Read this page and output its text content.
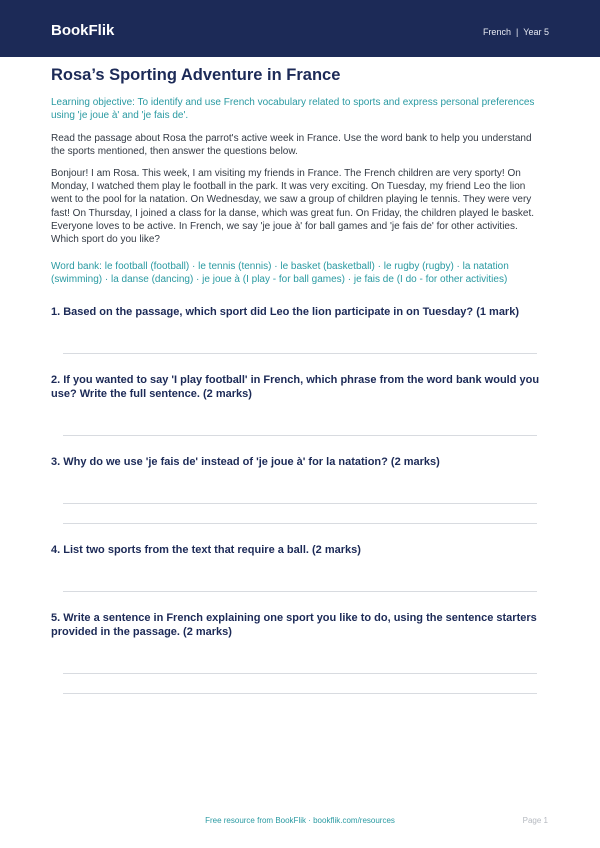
BookFlik	French | Year 5
Rosa’s Sporting Adventure in France

Learning objective: To identify and use French vocabulary related to sports and express personal preferences using 'je joue à' and 'je fais de'.

Read the passage about Rosa the parrot's active week in France. Use the word bank to help you understand the sports mentioned, then answer the questions below.

Bonjour! I am Rosa. This week, I am visiting my friends in France. The French children are very sporty! On Monday, I watched them play le football in the park. It was very exciting. On Tuesday, my friend Leo the lion went to the pool for la natation. On Wednesday, we saw a group of children playing le tennis. They were very fast! On Thursday, I joined a class for la danse, which was great fun. On Friday, the children played le basket. Everyone loves to be active. In French, we say 'je joue à' for ball games and 'je fais de' for other activities. Which sport do you like?

Word bank: le football (football) · le tennis (tennis) · le basket (basketball) · le rugby (rugby) · la natation (swimming) · la danse (dancing) · je joue à (I play - for ball games) · je fais de (I do - for other activities)

1. Based on the passage, which sport did Leo the lion participate in on Tuesday? (1 mark)

2. If you wanted to say 'I play football' in French, which phrase from the word bank would you use? Write the full sentence. (2 marks)

3. Why do we use 'je fais de' instead of 'je joue à' for la natation? (2 marks)

4. List two sports from the text that require a ball. (2 marks)

5. Write a sentence in French explaining one sport you like to do, using the sentence starters provided in the passage. (2 marks)

Free resource from BookFlik · bookflik.com/resources	Page 1
